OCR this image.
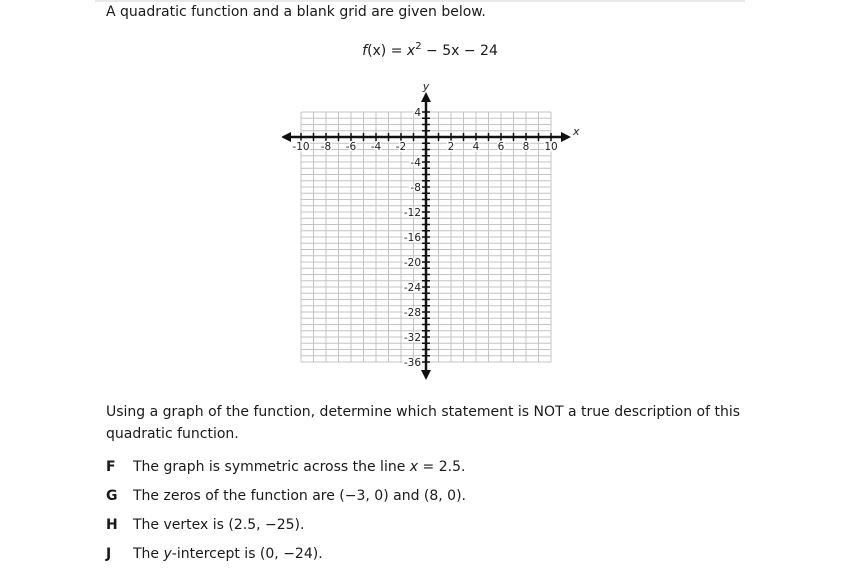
A quadratic function and a blank grid are given below.
$f(x) = x^2 - 5x - 24$
-10 -8 -6 -4 -2	2 4 6 8 10
4
-4
-8
-12
-16
-20
-24
-28
-32
-36
x
y
Using a graph of the function, determine which statement is NOT a true description of this quadratic function.
F The graph is symmetric across the line x = 2.5.
G The zeros of the function are (−3, 0) and (8, 0).
H The vertex is (2.5, −25).
J The y-intercept is (0, −24).
